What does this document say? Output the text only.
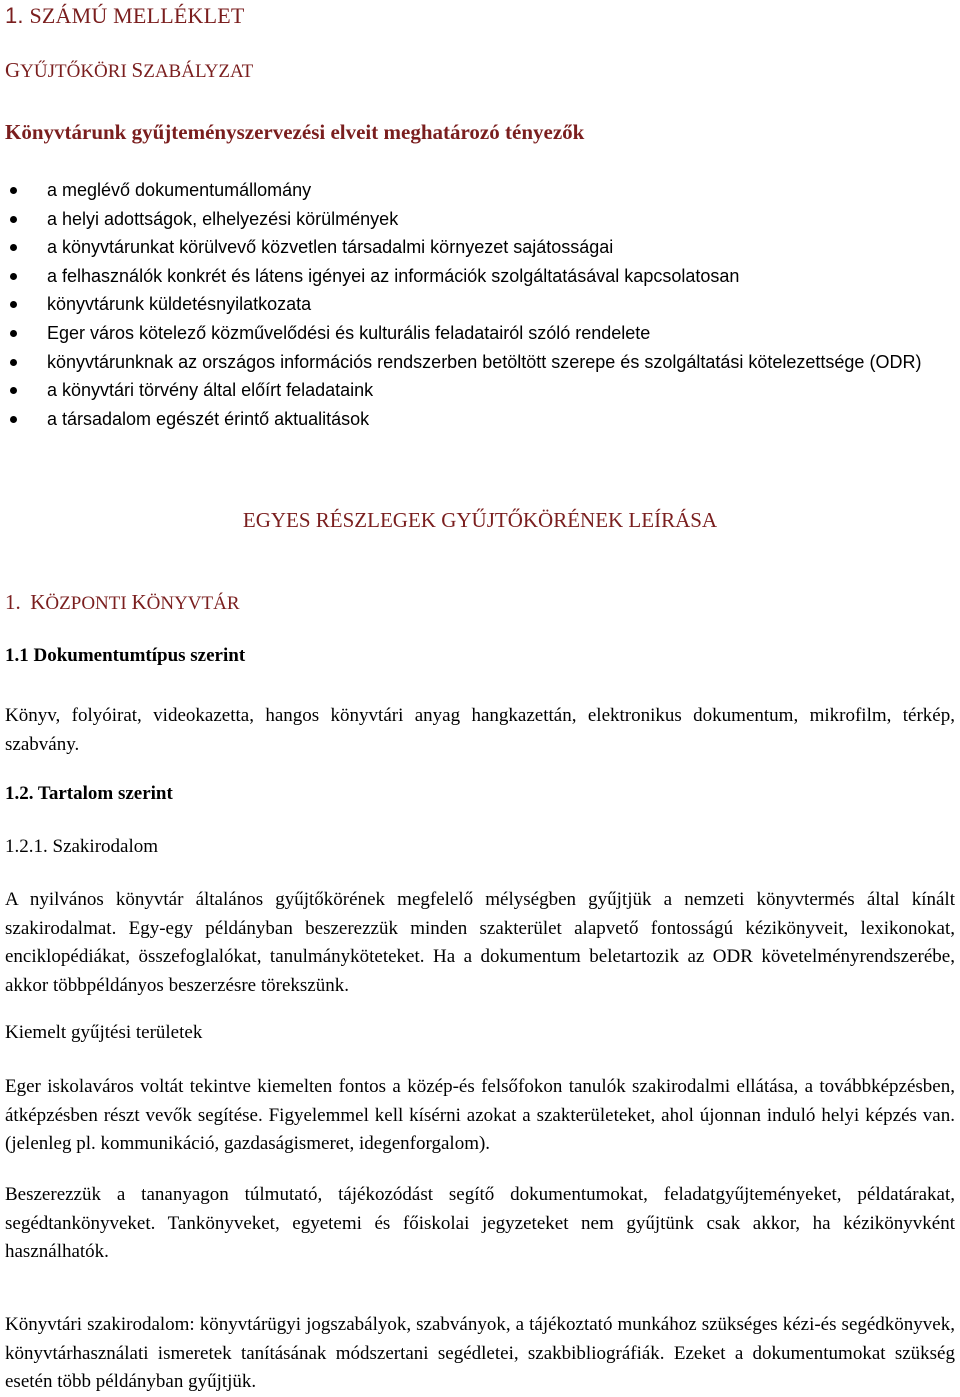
1. SZÁMÚ MELLÉKLET
GYŰJTŐKÖRI SZABÁLYZAT
Könyvtárunk gyűjteményszervezési elveit meghatározó tényezők
a meglévő dokumentumállomány
a helyi adottságok, elhelyezési körülmények
a könyvtárunkat körülvevő közvetlen társadalmi környezet sajátosságai
a felhasználók konkrét és látens igényei az információk szolgáltatásával kapcsolatosan
könyvtárunk küldetésnyilatkozata
Eger város kötelező közművelődési és kulturális feladatairól szóló rendelete
könyvtárunknak az országos információs rendszerben betöltött szerepe és szolgáltatási kötelezettsége (ODR)
a könyvtári törvény által előírt feladataink
a társadalom egészét érintő aktualitások
EGYES RÉSZLEGEK GYŰJTŐKÖRÉNEK LEÍRÁSA
1. KÖZPONTI KÖNYVTÁR
1.1 Dokumentumtípus szerint
Könyv, folyóirat, videokazetta, hangos könyvtári anyag hangkazettán, elektronikus dokumentum, mikrofilm, térkép, szabvány.
1.2. Tartalom szerint
1.2.1. Szakirodalom
A nyilvános könyvtár általános gyűjtőkörének megfelelő mélységben gyűjtjük a nemzeti könyvtermés által kínált szakirodalmat. Egy-egy példányban beszerezzük minden szakterület alapvető fontosságú kézikönyveit, lexikonokat, enciklopédiákat, összefoglalókat, tanulmányköteteket. Ha a dokumentum beletartozik az ODR követelményrendszerébe, akkor többpéldányos beszerzésre törekszünk.
Kiemelt gyűjtési területek
Eger iskolaváros voltát tekintve kiemelten fontos a közép-és felsőfokon tanulók szakirodalmi ellátása, a továbbképzésben, átképzésben részt vevők segítése. Figyelemmel kell kísérni azokat a szakterületeket, ahol újonnan induló helyi képzés van. (jelenleg pl. kommunikáció, gazdaságismeret, idegenforgalom).
Beszerezzük a tananyagon túlmutató, tájékozódást segítő dokumentumokat, feladatgyűjteményeket, példatárakat, segédtankönyveket. Tankönyveket, egyetemi és főiskolai jegyzeteket nem gyűjtünk csak akkor, ha kézikönyvként használhatók.
Könyvtári szakirodalom: könyvtárügyi jogszabályok, szabványok, a tájékoztató munkához szükséges kézi-és segédkönyvek, könyvtárhasználati ismeretek tanításának módszertani segédletei, szakbibliográfiák. Ezeket a dokumentumokat szükség esetén több példányban gyűjtjük.
